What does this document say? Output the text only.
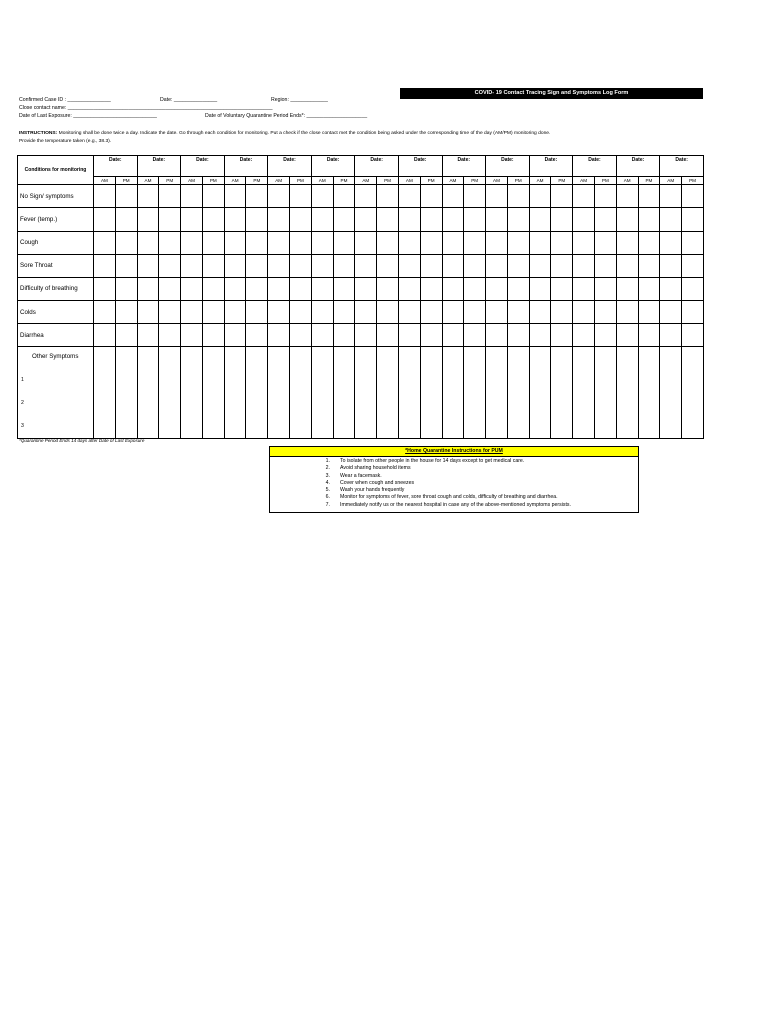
COVID- 19 Contact Tracing Sign and Symptoms Log Form
Confirmed Case ID : _______________	Date: _______________	Region: _____________
Close contact name: _______________________________________________________________________
Date of Last Exposure: _____________________________	Date of Voluntary Quarantine Period Ends*: _____________________
INSTRUCTIONS: Monitoring shall be done twice a day. Indicate the date. Go through each condition for monitoring. Put a check if the close contact met the condition being asked under the corresponding time of the day (AM/PM) monitoring done.
Provide the temperature taken (e.g., 38.3).
Conditions for monitoring	Date:		Date:		Date:		Date:		Date:		Date:		Date:		Date:		Date:		Date:		Date:		Date:		Date:		Date:	
	AM	PM	AM	PM	AM	PM	AM	PM	AM	PM	AM	PM	AM	PM	AM	PM	AM	PM	AM	PM	AM	PM	AM	PM	AM	PM	AM	PM
No Sign/ symptoms																												
Fever (temp.)																												
Cough																												
Sore Throat																												
Difficulty of breathing																												
Colds																												
Diarrhea																												

Other Symptoms
1
2
3																												

*Quarantine Period Ends 14 days after Date of Last Exposure
*Home Quarantine Instructions for PUM
1. To isolate from other people in the house for 14 days except to get medical care.
2. Avoid sharing household items
3. Wear a facemask.
4. Cover when cough and sneezes
5. Wash your hands frequently
6. Monitor for symptoms of fever, sore throat cough and colds, difficulty of breathing and diarrhea.
7. Immediately notify us or the nearest hospital in case any of the above-mentioned symptoms persists.
